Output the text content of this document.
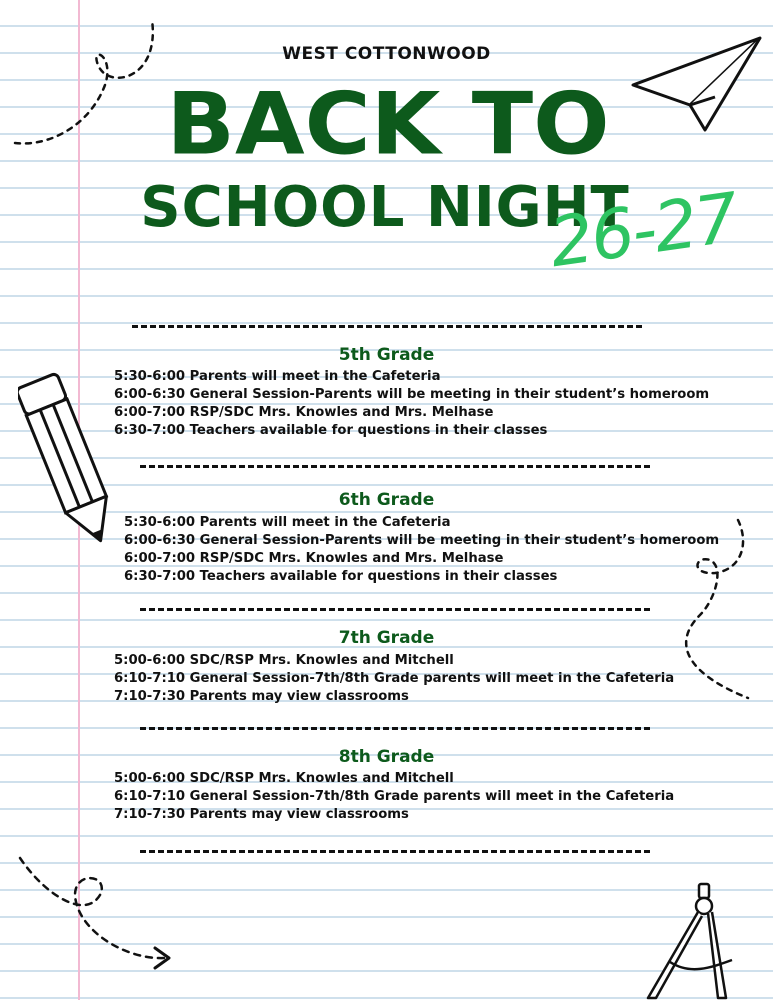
WEST COTTONWOOD
BACK TO
SCHOOL NIGHT
26-27
5th Grade
5:30-6:00 Parents will meet in the Cafeteria
6:00-6:30 General Session-Parents will be meeting in their student’s homeroom
6:00-7:00 RSP/SDC Mrs. Knowles and Mrs. Melhase
6:30-7:00 Teachers available for questions in their classes
6th Grade
5:30-6:00 Parents will meet in the Cafeteria
6:00-6:30 General Session-Parents will be meeting in their student’s homeroom
6:00-7:00 RSP/SDC Mrs. Knowles and Mrs. Melhase
6:30-7:00 Teachers available for questions in their classes
7th Grade
5:00-6:00 SDC/RSP Mrs. Knowles and Mitchell
6:10-7:10 General Session-7th/8th Grade parents will meet in the Cafeteria
7:10-7:30 Parents may view classrooms
8th Grade
5:00-6:00 SDC/RSP Mrs. Knowles and Mitchell
6:10-7:10 General Session-7th/8th Grade parents will meet in the Cafeteria
7:10-7:30 Parents may view classrooms
